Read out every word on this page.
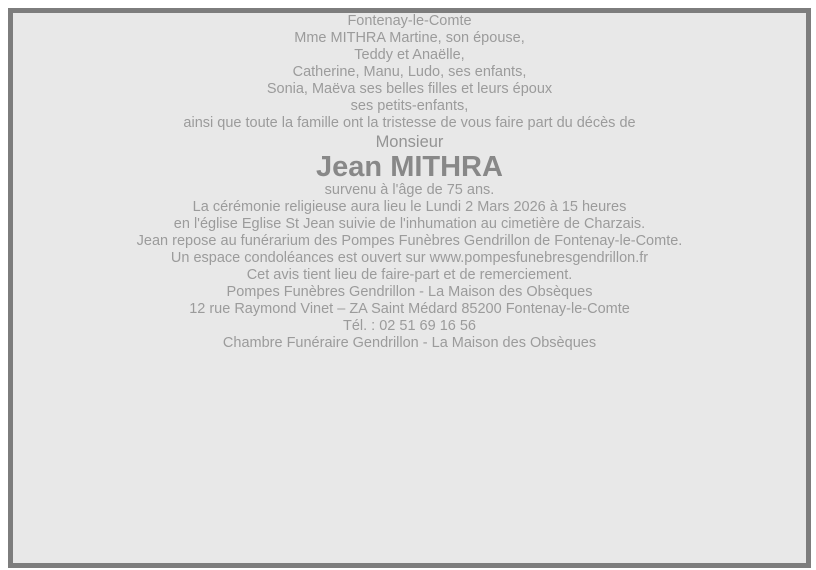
Fontenay-le-Comte

Mme MITHRA Martine, son épouse,
Teddy et Anaëlle,
Catherine, Manu, Ludo, ses enfants,
Sonia, Maëva ses belles filles et leurs époux
ses petits-enfants,
ainsi que toute la famille ont la tristesse de vous faire part du décès de

Monsieur

Jean MITHRA

survenu à l'âge de 75 ans.

La cérémonie religieuse aura lieu le Lundi 2 Mars 2026 à 15 heures
en l'église Eglise St Jean suivie de l'inhumation au cimetière de Charzais.

Jean repose au funérarium des Pompes Funèbres Gendrillon de Fontenay-le-Comte.

Un espace condoléances est ouvert sur www.pompesfunebresgendrillon.fr

Cet avis tient lieu de faire-part et de remerciement.

Pompes Funèbres Gendrillon - La Maison des Obsèques
12 rue Raymond Vinet – ZA Saint Médard 85200 Fontenay-le-Comte
Tél. : 02 51 69 16 56

Chambre Funéraire Gendrillon - La Maison des Obsèques
